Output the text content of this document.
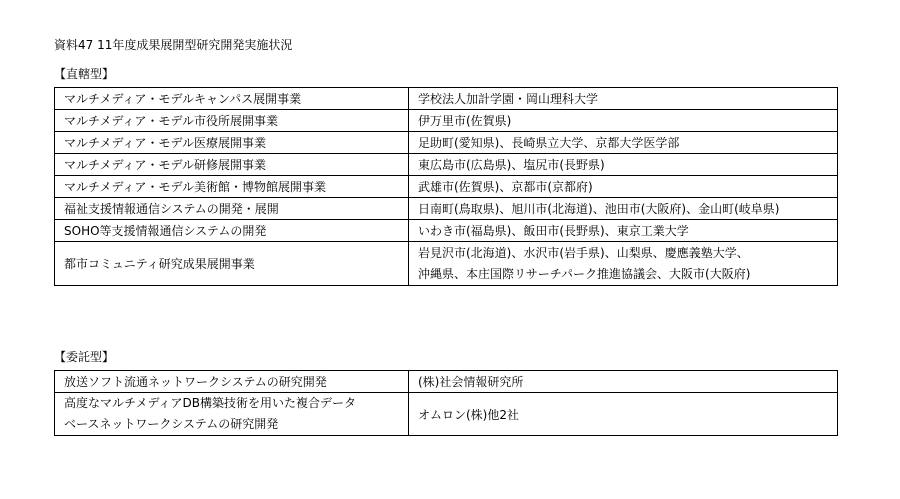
資料47 11年度成果展開型研究開発実施状況
【直轄型】
マルチメディア・モデルキャンパス展開事業	学校法人加計学園・岡山理科大学
マルチメディア・モデル市役所展開事業	伊万里市(佐賀県)
マルチメディア・モデル医療展開事業	足助町(愛知県)、長崎県立大学、京都大学医学部
マルチメディア・モデル研修展開事業	東広島市(広島県)、塩尻市(長野県)
マルチメディア・モデル美術館・博物館展開事業	武雄市(佐賀県)、京都市(京都府)
福祉支援情報通信システムの開発・展開	日南町(鳥取県)、旭川市(北海道)、池田市(大阪府)、金山町(岐阜県)
SOHO等支援情報通信システムの開発	いわき市(福島県)、飯田市(長野県)、東京工業大学
都市コミュニティ研究成果展開事業	岩見沢市(北海道)、水沢市(岩手県)、山梨県、慶應義塾大学、
沖縄県、本庄国際リサーチパーク推進協議会、大阪市(大阪府)
【委託型】
放送ソフト流通ネットワークシステムの研究開発	(株)社会情報研究所

高度なマルチメディアDB構築技術を用いた複合データ
ベースネットワークシステムの研究開発	オムロン(株)他2社
